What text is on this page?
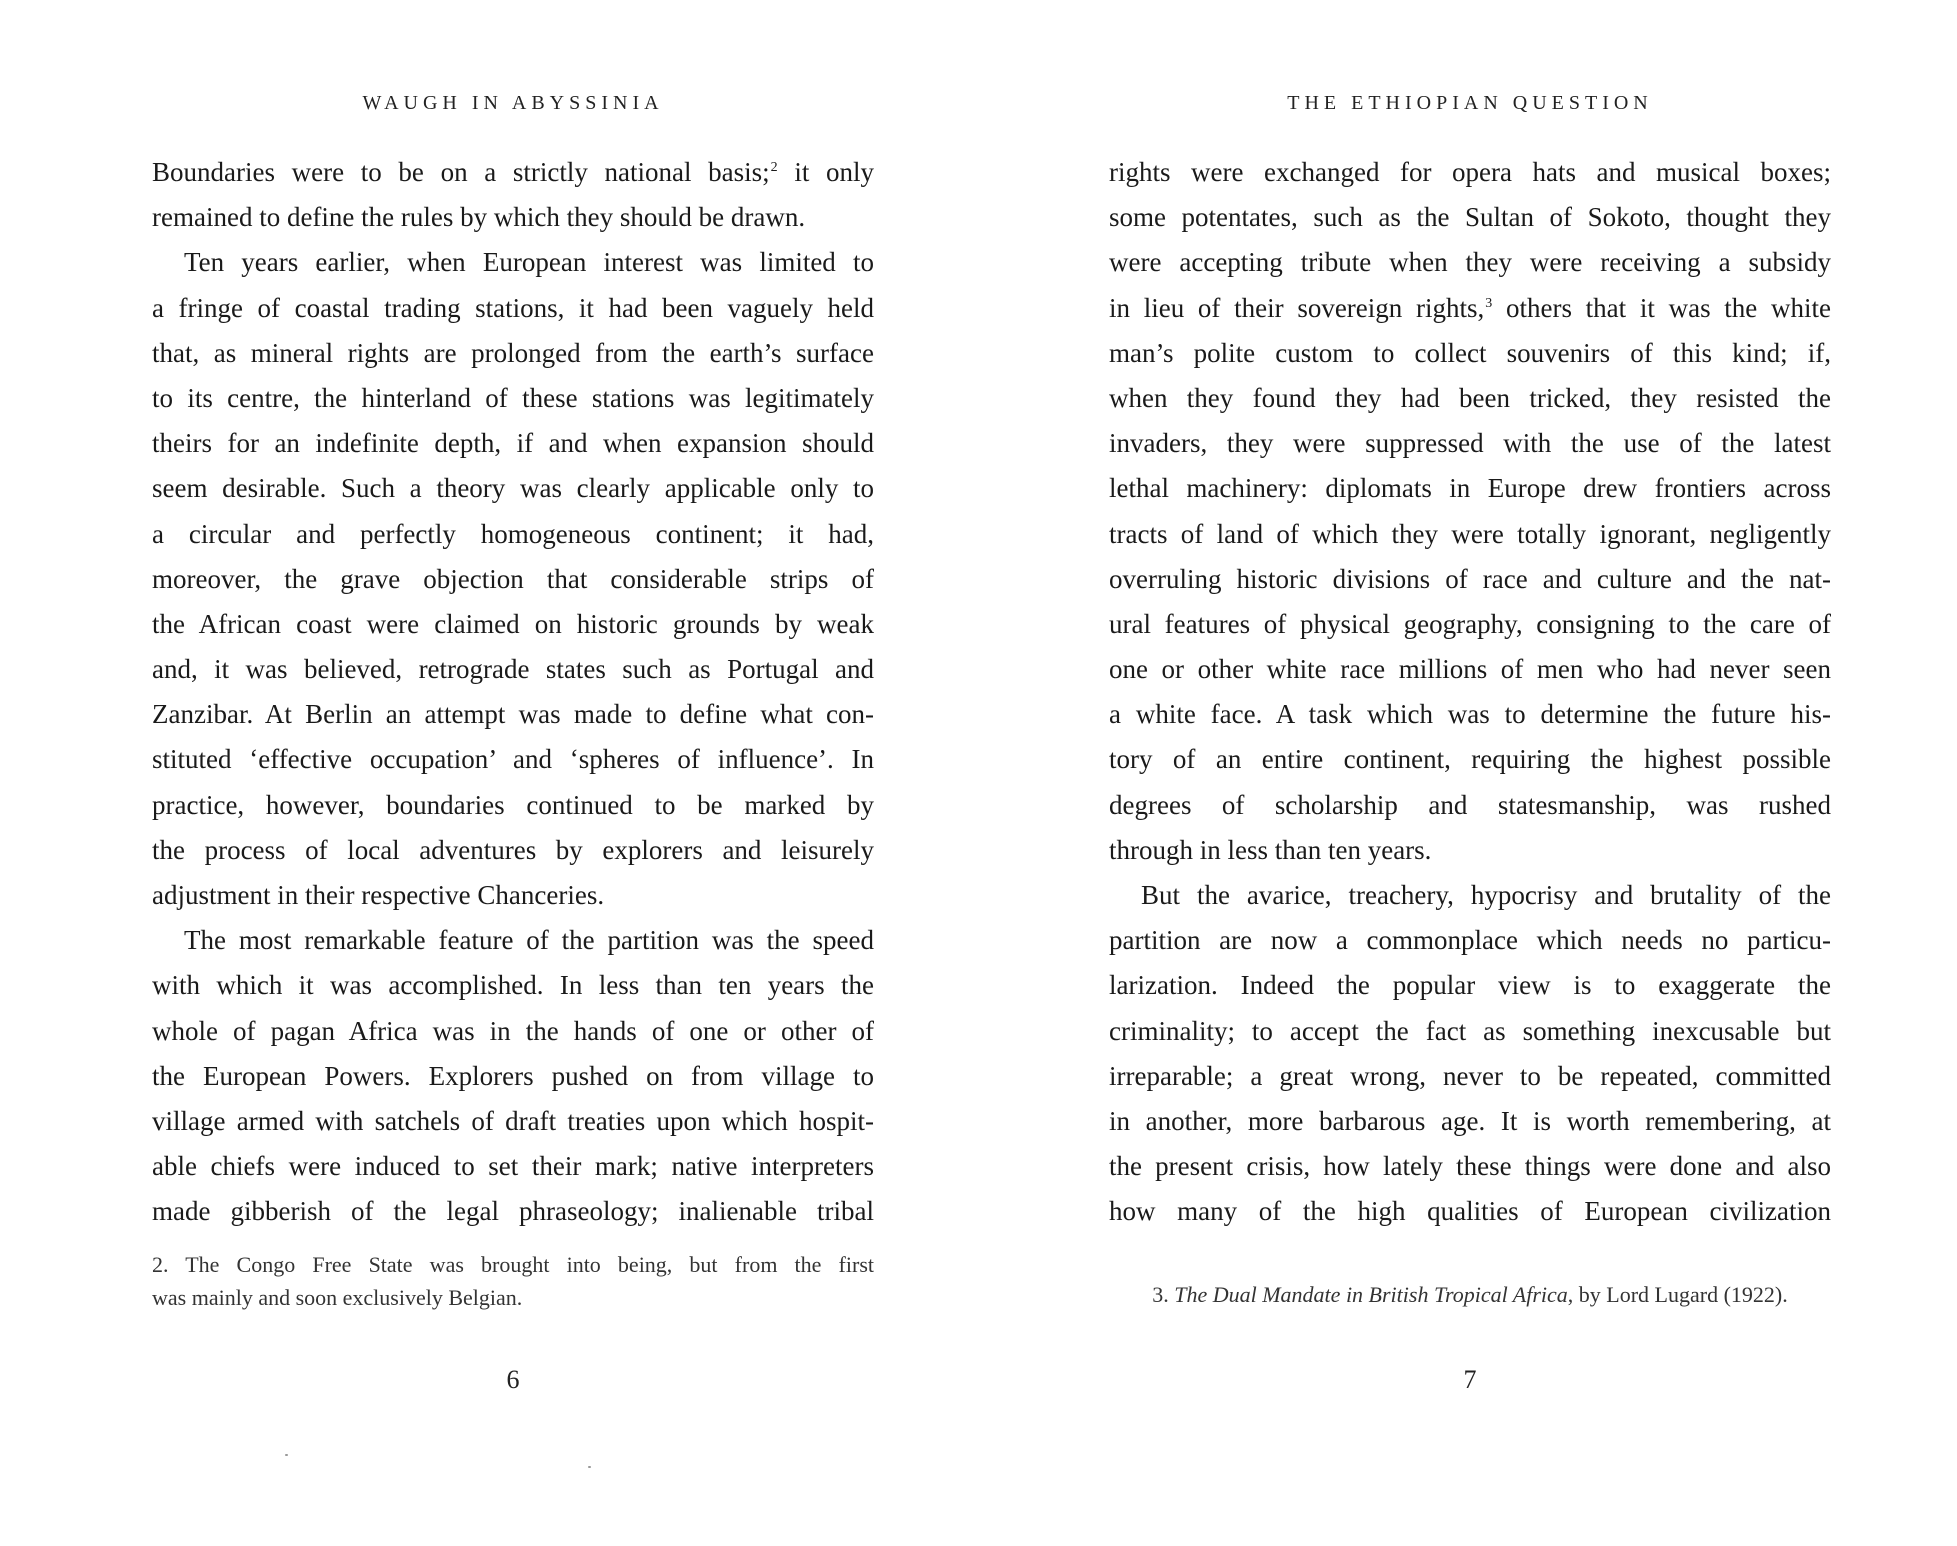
WAUGH IN ABYSSINIA
Boundaries were to be on a strictly national basis;$^2$ it only
remained to define the rules by which they should be drawn.
Ten years earlier, when European interest was limited to
a fringe of coastal trading stations, it had been vaguely held
that, as mineral rights are prolonged from the earth’s surface
to its centre, the hinterland of these stations was legitimately
theirs for an indefinite depth, if and when expansion should
seem desirable. Such a theory was clearly applicable only to
a circular and perfectly homogeneous continent; it had,
moreover, the grave objection that considerable strips of
the African coast were claimed on historic grounds by weak
and, it was believed, retrograde states such as Portugal and
Zanzibar. At Berlin an attempt was made to define what con-
stituted ‘effective occupation’ and ‘spheres of influence’. In
practice, however, boundaries continued to be marked by
the process of local adventures by explorers and leisurely
adjustment in their respective Chanceries.
The most remarkable feature of the partition was the speed
with which it was accomplished. In less than ten years the
whole of pagan Africa was in the hands of one or other of
the European Powers. Explorers pushed on from village to
village armed with satchels of draft treaties upon which hospit-
able chiefs were induced to set their mark; native interpreters
made gibberish of the legal phraseology; inalienable tribal
2. The Congo Free State was brought into being, but from the first
was mainly and soon exclusively Belgian.
6
THE ETHIOPIAN QUESTION
rights were exchanged for opera hats and musical boxes;
some potentates, such as the Sultan of Sokoto, thought they
were accepting tribute when they were receiving a subsidy
in lieu of their sovereign rights,$^3$ others that it was the white
man’s polite custom to collect souvenirs of this kind; if,
when they found they had been tricked, they resisted the
invaders, they were suppressed with the use of the latest
lethal machinery: diplomats in Europe drew frontiers across
tracts of land of which they were totally ignorant, negligently
overruling historic divisions of race and culture and the nat-
ural features of physical geography, consigning to the care of
one or other white race millions of men who had never seen
a white face. A task which was to determine the future his-
tory of an entire continent, requiring the highest possible
degrees of scholarship and statesmanship, was rushed
through in less than ten years.
But the avarice, treachery, hypocrisy and brutality of the
partition are now a commonplace which needs no particu-
larization. Indeed the popular view is to exaggerate the
criminality; to accept the fact as something inexcusable but
irreparable; a great wrong, never to be repeated, committed
in another, more barbarous age. It is worth remembering, at
the present crisis, how lately these things were done and also
how many of the high qualities of European civilization
3. The Dual Mandate in British Tropical Africa, by Lord Lugard (1922).
7
